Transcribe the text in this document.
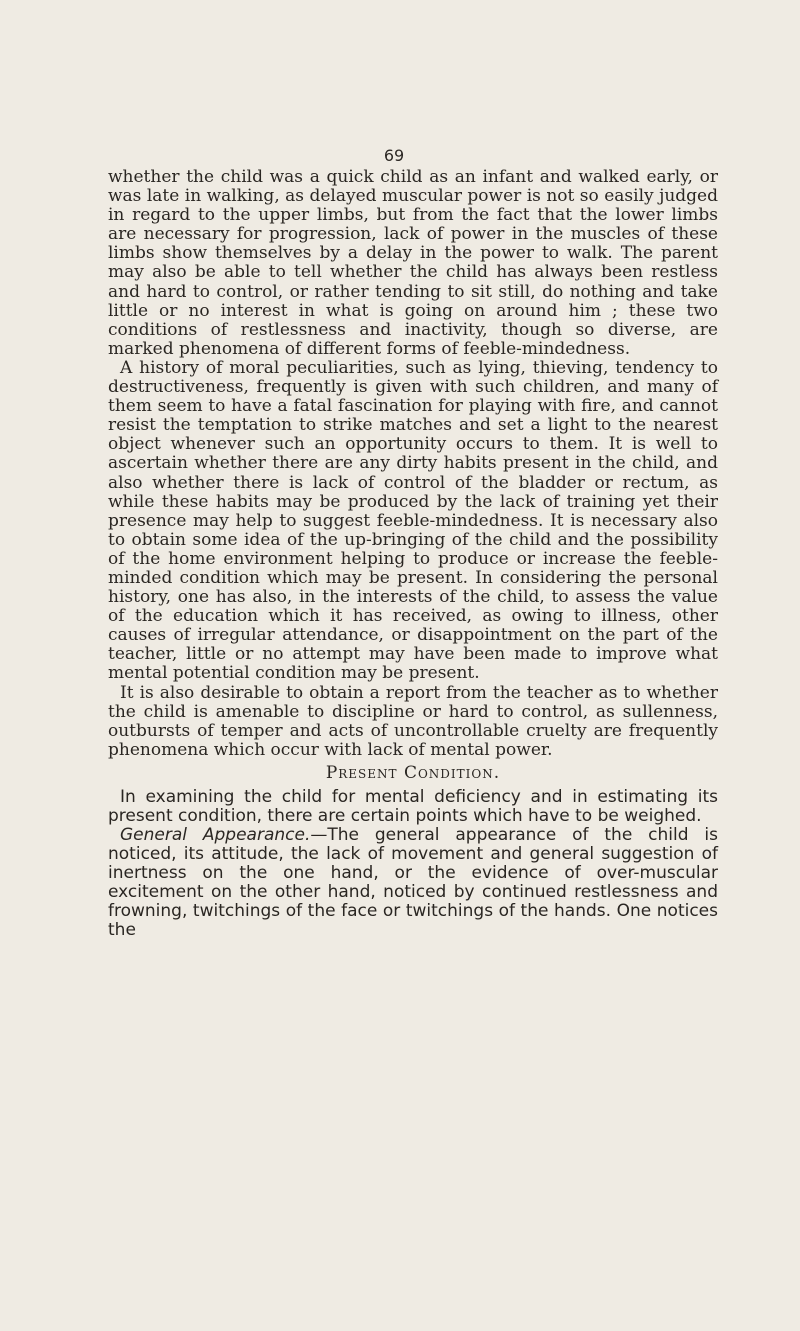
69

whether the child was a quick child as an infant and walked early, or was late in walking, as delayed muscular power is not so easily judged in regard to the upper limbs, but from the fact that the lower limbs are necessary for progression, lack of power in the muscles of these limbs show themselves by a delay in the power to walk. The parent may also be able to tell whether the child has always been restless and hard to control, or rather tending to sit still, do nothing and take little or no interest in what is going on around him ; these two conditions of restlessness and inactivity, though so diverse, are marked phenomena of different forms of feeble-mindedness.

A history of moral peculiarities, such as lying, thieving, tendency to destructiveness, frequently is given with such children, and many of them seem to have a fatal fascination for playing with fire, and cannot resist the temptation to strike matches and set a light to the nearest object whenever such an opportunity occurs to them. It is well to ascertain whether there are any dirty habits present in the child, and also whether there is lack of control of the bladder or rectum, as while these habits may be produced by the lack of training yet their presence may help to suggest feeble-mindedness. It is necessary also to obtain some idea of the up-bringing of the child and the possibility of the home environment helping to produce or increase the feeble-minded condition which may be present. In considering the personal history, one has also, in the interests of the child, to assess the value of the education which it has received, as owing to illness, other causes of irregular attendance, or disappointment on the part of the teacher, little or no attempt may have been made to improve what mental potential condition may be present.

It is also desirable to obtain a report from the teacher as to whether the child is amenable to discipline or hard to control, as sullenness, outbursts of temper and acts of uncontrollable cruelty are frequently phenomena which occur with lack of mental power.

Present Condition.

In examining the child for mental deficiency and in estimating its present condition, there are certain points which have to be weighed.

General Appearance.—The general appearance of the child is noticed, its attitude, the lack of movement and general suggestion of inertness on the one hand, or the evidence of over-muscular excitement on the other hand, noticed by continued restlessness and frowning, twitchings of the face or twitchings of the hands. One notices the
